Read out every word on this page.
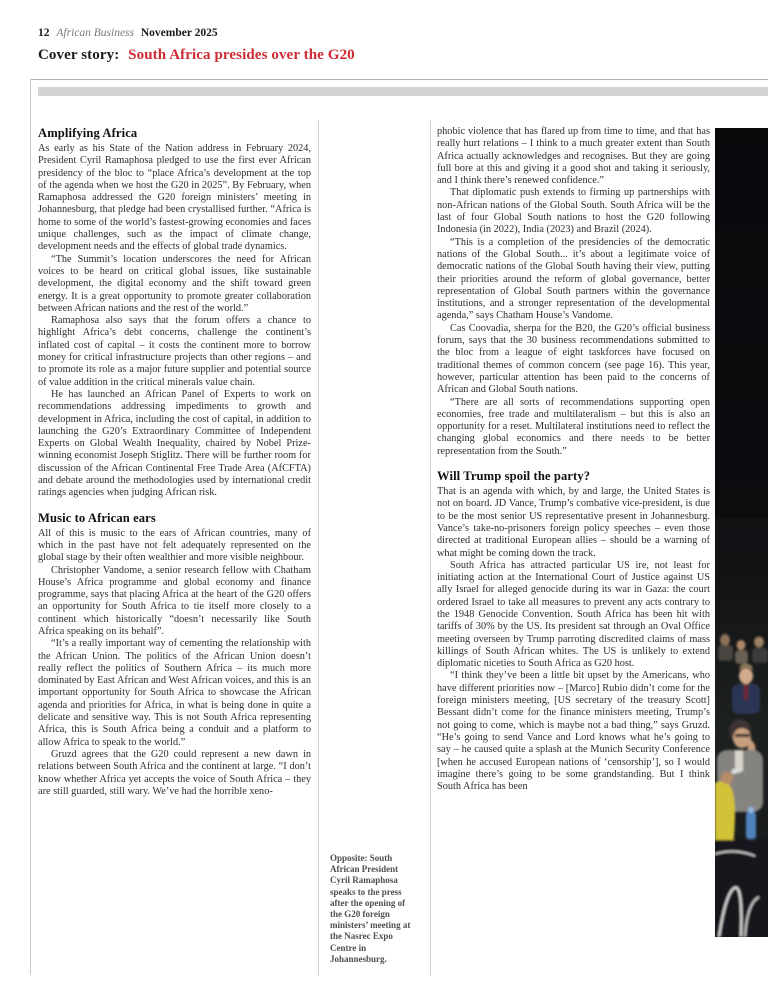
12 African Business November 2025
Cover story: South Africa presides over the G20
Amplifying Africa

As early as his State of the Nation address in February 2024, President Cyril Ramaphosa pledged to use the first ever African presidency of the bloc to “place Africa’s development at the top of the agenda when we host the G20 in 2025”. By February, when Ramaphosa addressed the G20 foreign ministers’ meeting in Johannesburg, that pledge had been crystallised further. “Africa is home to some of the world’s fastest-growing economies and faces unique challenges, such as the impact of climate change, development needs and the effects of global trade dynamics.

“The Summit’s location underscores the need for African voices to be heard on critical global issues, like sustainable development, the digital economy and the shift toward green energy. It is a great opportunity to promote greater collaboration between African nations and the rest of the world.”

Ramaphosa also says that the forum offers a chance to highlight Africa’s debt concerns, challenge the continent’s inflated cost of capital – it costs the continent more to borrow money for critical infrastructure projects than other regions – and to promote its role as a major future supplier and potential source of value addition in the critical minerals value chain.

He has launched an African Panel of Experts to work on recommendations addressing impediments to growth and development in Africa, including the cost of capital, in addition to launching the G20’s Extraordinary Committee of Independent Experts on Global Wealth Inequality, chaired by Nobel Prize-winning economist Joseph Stiglitz. There will be further room for discussion of the African Continental Free Trade Area (AfCFTA) and debate around the methodologies used by international credit ratings agencies when judging African risk.

Music to African ears

All of this is music to the ears of African countries, many of which in the past have not felt adequately represented on the global stage by their often wealthier and more visible neighbour.

Christopher Vandome, a senior research fellow with Chatham House’s Africa programme and global economy and finance programme, says that placing Africa at the heart of the G20 offers an opportunity for South Africa to tie itself more closely to a continent which historically “doesn’t necessarily like South Africa speaking on its behalf”.

“It’s a really important way of cementing the relationship with the African Union. The politics of the African Union doesn’t really reflect the politics of Southern Africa – its much more dominated by East African and West African voices, and this is an important opportunity for South Africa to showcase the African agenda and priorities for Africa, in what is being done in quite a delicate and sensitive way. This is not South Africa representing Africa, this is South Africa being a conduit and a platform to allow Africa to speak to the world.”

Gruzd agrees that the G20 could represent a new dawn in relations between South Africa and the continent at large. “I don’t know whether Africa yet accepts the voice of South Africa – they are still guarded, still wary. We’ve had the horrible xeno-

Opposite: South African President Cyril Ramaphosa speaks to the press after the opening of the G20 foreign ministers’ meeting at the Nasrec Expo Centre in Johannesburg.

phobic violence that has flared up from time to time, and that has really hurt relations – I think to a much greater extent than South Africa actually acknowledges and recognises. But they are going full bore at this and giving it a good shot and taking it seriously, and I think there’s renewed confidence.”

That diplomatic push extends to firming up partnerships with non-African nations of the Global South. South Africa will be the last of four Global South nations to host the G20 following Indonesia (in 2022), India (2023) and Brazil (2024).

“This is a completion of the presidencies of the democratic nations of the Global South... it’s about a legitimate voice of democratic nations of the Global South having their view, putting their priorities around the reform of global governance, better representation of Global South partners within the governance institutions, and a stronger representation of the developmental agenda,” says Chatham House’s Vandome.

Cas Coovadia, sherpa for the B20, the G20’s official business forum, says that the 30 business recommendations submitted to the bloc from a league of eight taskforces have focused on traditional themes of common concern (see page 16). This year, however, particular attention has been paid to the concerns of African and Global South nations.

“There are all sorts of recommendations supporting open economies, free trade and multilateralism – but this is also an opportunity for a reset. Multilateral institutions need to reflect the changing global economics and there needs to be better representation from the South.”

Will Trump spoil the party?

That is an agenda with which, by and large, the United States is not on board. JD Vance, Trump’s combative vice-president, is due to be the most senior US representative present in Johannesburg. Vance’s take-no-prisoners foreign policy speeches – even those directed at traditional European allies – should be a warning of what might be coming down the track.

South Africa has attracted particular US ire, not least for initiating action at the International Court of Justice against US ally Israel for alleged genocide during its war in Gaza: the court ordered Israel to take all measures to prevent any acts contrary to the 1948 Genocide Convention. South Africa has been hit with tariffs of 30% by the US. Its president sat through an Oval Office meeting overseen by Trump parroting discredited claims of mass killings of South African whites. The US is unlikely to extend diplomatic niceties to South Africa as G20 host.

“I think they’ve been a little bit upset by the Americans, who have different priorities now – [Marco] Rubio didn’t come for the foreign ministers meeting, [US secretary of the treasury Scott] Bessant didn’t come for the finance ministers meeting, Trump’s not going to come, which is maybe not a bad thing,” says Gruzd. “He’s going to send Vance and Lord knows what he’s going to say – he caused quite a splash at the Munich Security Conference [when he accused European nations of ‘censorship’], so I would imagine there’s going to be some grandstanding. But I think South Africa has been
